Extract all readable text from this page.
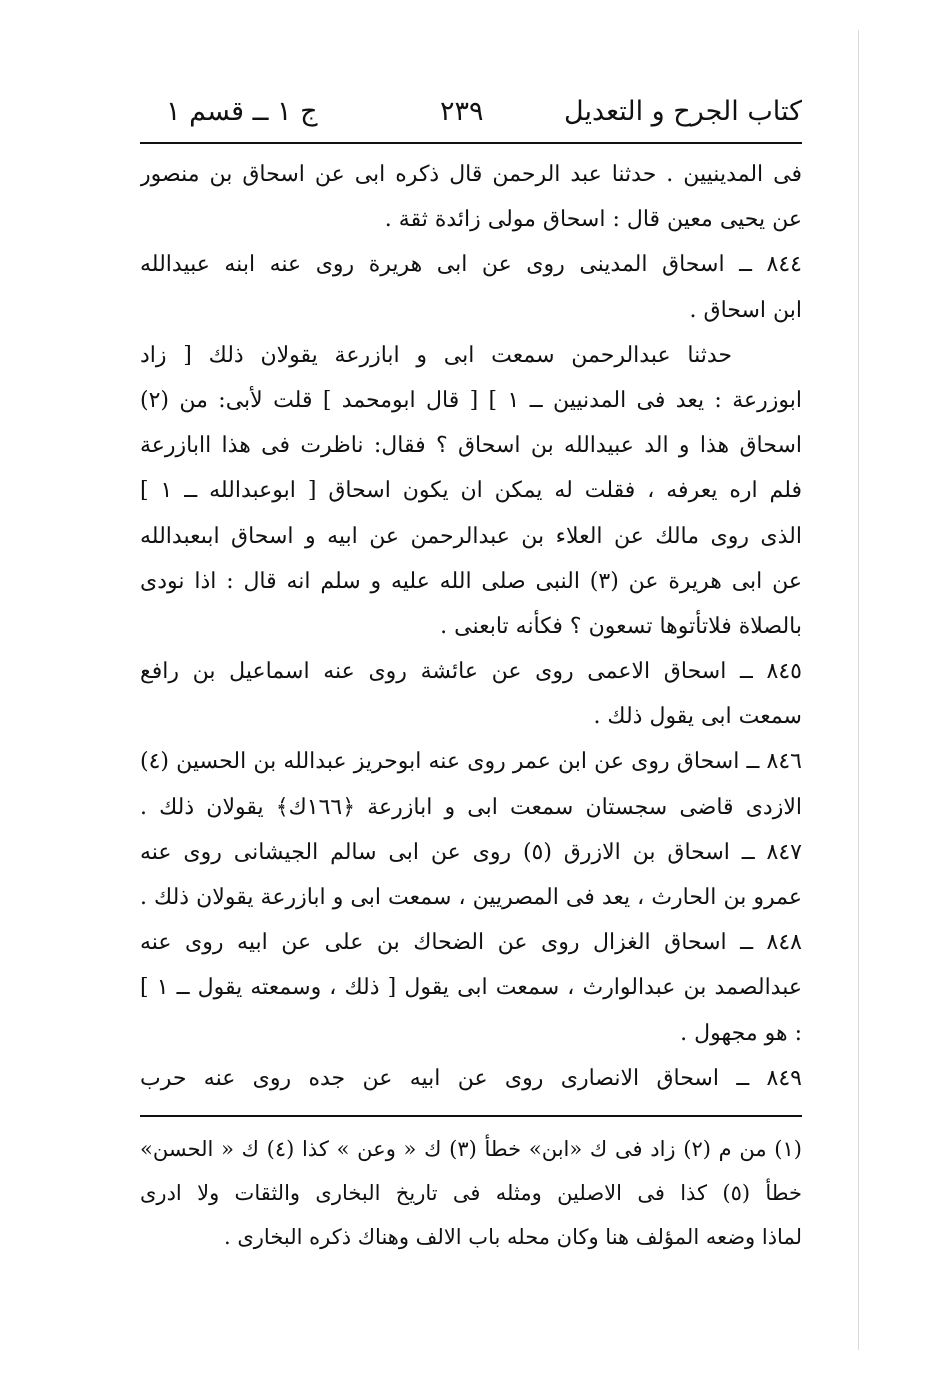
كتاب الجرح و التعديل
٢٣٩
ج ١ ــ قسم ١
فى المدينيين . حدثنا عبد الرحمن قال ذكره ابى عن اسحاق بن منصور
عن يحيى معين قال : اسحاق مولى زائدة ثقة .
٨٤٤ ــ اسحاق المدينى روى عن ابى هريرة روى عنه ابنه عبيدالله
ابن اسحاق .
حدثنا عبدالرحمن سمعت ابى و ابازرعة يقولان ذلك [ زاد
ابوزرعة : يعد فى المدنيين ــ ١ ] [ قال ابومحمد ] قلت لأبى: من (٢)
اسحاق هذا و الد عبيدالله بن اسحاق ؟ فقال: ناظرت فى هذا اابازرعة
فلم اره يعرفه ، فقلت له يمكن ان يكون اسحاق [ ابوعبدالله ــ ١ ]
الذى روى مالك عن العلاء بن عبدالرحمن عن ابيه و اسحاق ابىعبدالله
عن ابى هريرة عن (٣) النبى صلى الله عليه و سلم انه قال : اذا نودى
بالصلاة فلاتأتوها تسعون ؟ فكأنه تابعنى .
٨٤٥ ــ اسحاق الاعمى روى عن عائشة روى عنه اسماعيل بن رافع
سمعت ابى يقول ذلك .
٨٤٦ ــ اسحاق روى عن ابن عمر روى عنه ابوحريز عبدالله بن الحسين (٤)
الازدى قاضى سجستان سمعت ابى و ابازرعة ﴿١٦٦ك﴾ يقولان ذلك .
٨٤٧ ــ اسحاق بن الازرق (٥) روى عن ابى سالم الجيشانى روى عنه
عمرو بن الحارث ، يعد فى المصريين ، سمعت ابى و ابازرعة يقولان ذلك .
٨٤٨ ــ اسحاق الغزال روى عن الضحاك بن على عن ابيه روى عنه
عبدالصمد بن عبدالوارث ، سمعت ابى يقول [ ذلك ، وسمعته يقول ــ ١ ]
: هو مجهول .
٨٤٩ ــ اسحاق الانصارى روى عن ابيه عن جده روى عنه حرب
(١) من م (٢) زاد فى ك «ابن» خطأ (٣) ك « وعن » كذا (٤) ك « الحسن»
خطأ (٥) كذا فى الاصلين ومثله فى تاريخ البخارى والثقات ولا ادرى
لماذا وضعه المؤلف هنا وكان محله باب الالف وهناك ذكره البخارى .
